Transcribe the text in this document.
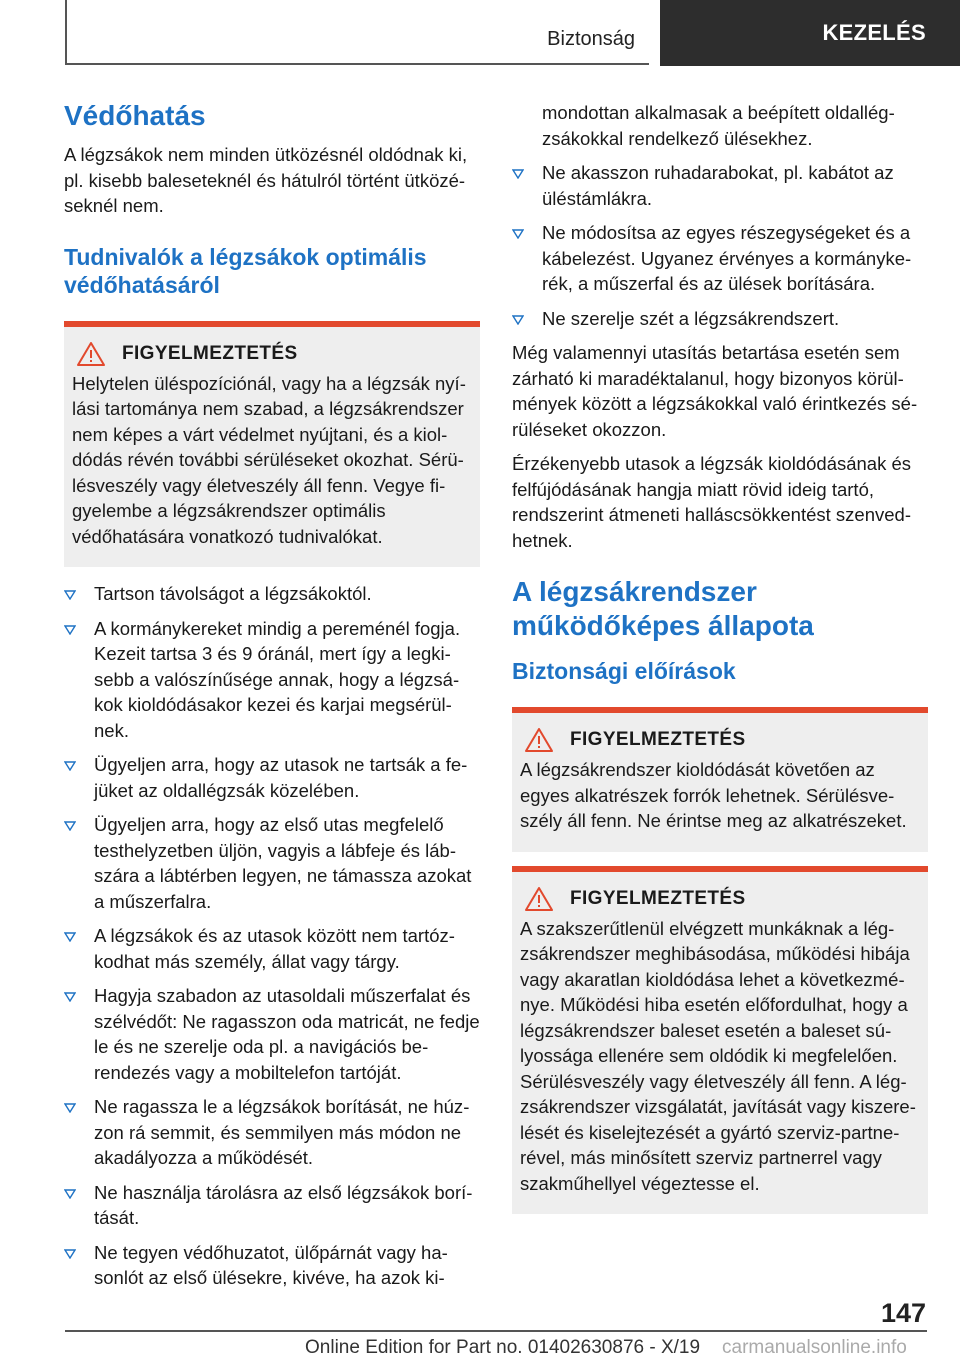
Biztonság	KEZELÉS
Védőhatás

A légzsákok nem minden ütközésnél oldódnak ki, pl. kisebb baleseteknél és hátulról történt ütközéseknél nem.

Tudnivalók a légzsákok optimális védőhatásáról
FIGYELMEZTETÉS
Helytelen üléspozíciónál, vagy ha a légzsák nyílási tartománya nem szabad, a légzsákrendszer nem képes a várt védelmet nyújtani, és a kioldódás révén további sérüléseket okozhat. Sérülésveszély vagy életveszély áll fenn. Vegye figyelembe a légzsákrendszer optimális védőhatására vonatkozó tudnivalókat.
Tartson távolságot a légzsákoktól.
A kormánykereket mindig a pereménél fogja. Kezeit tartsa 3 és 9 óránál, mert így a legkisebb a valószínűsége annak, hogy a légzsákok kioldódásakor kezei és karjai megsérülnek.
Ügyeljen arra, hogy az utasok ne tartsák a fejüket az oldallégzsák közelében.
Ügyeljen arra, hogy az első utas megfelelő testhelyzetben üljön, vagyis a lábfeje és lábszára a lábtérben legyen, ne támassza azokat a műszerfalra.
A légzsákok és az utasok között nem tartózkodhat más személy, állat vagy tárgy.
Hagyja szabadon az utasoldali műszerfalat és szélvédőt: Ne ragasszon oda matricát, ne fedje le és ne szerelje oda pl. a navigációs berendezés vagy a mobiltelefon tartóját.
Ne ragassza le a légzsákok borítását, ne húzzon rá semmit, és semmilyen más módon ne akadályozza a működését.
Ne használja tárolásra az első légzsákok borítását.
Ne tegyen védőhuzatot, ülőpárnát vagy hasonlót az első ülésekre, kivéve, ha azok ki-

mondottan alkalmasak a beépített oldallégzsákokkal rendelkező ülésekhez.

Ne akasszon ruhadarabokat, pl. kabátot az üléstámlákra.
Ne módosítsa az egyes részegységeket és a kábelezést. Ugyanez érvényes a kormánykerék, a műszerfal és az ülések borítására.
Ne szerelje szét a légzsákrendszert.

Még valamennyi utasítás betartása esetén sem zárható ki maradéktalanul, hogy bizonyos körülmények között a légzsákokkal való érintkezés sérüléseket okozzon.

Érzékenyebb utasok a légzsák kioldódásának és felfújódásának hangja miatt rövid ideig tartó, rendszerint átmeneti halláscsökkentést szenvedhetnek.

A légzsákrendszer működőképes állapota
Biztonsági előírások
FIGYELMEZTETÉS
A légzsákrendszer kioldódását követően az egyes alkatrészek forrók lehetnek. Sérülésveszély áll fenn. Ne érintse meg az alkatrészeket.
FIGYELMEZTETÉS
A szakszerűtlenül elvégzett munkáknak a légzsákrendszer meghibásodása, működési hibája vagy akaratlan kioldódása lehet a következménye. Működési hiba esetén előfordulhat, hogy a légzsákrendszer baleset esetén a baleset súlyossága ellenére sem oldódik ki megfelelően. Sérülésveszély vagy életveszély áll fenn. A légzsákrendszer vizsgálatát, javítását vagy kiszerelését és kiselejtezését a gyártó szerviz-partnerével, más minősített szerviz partnerrel vagy szakműhellyel végeztesse el.
147
Online Edition for Part no. 01402630876 - X/19 carmanualsonline.info
